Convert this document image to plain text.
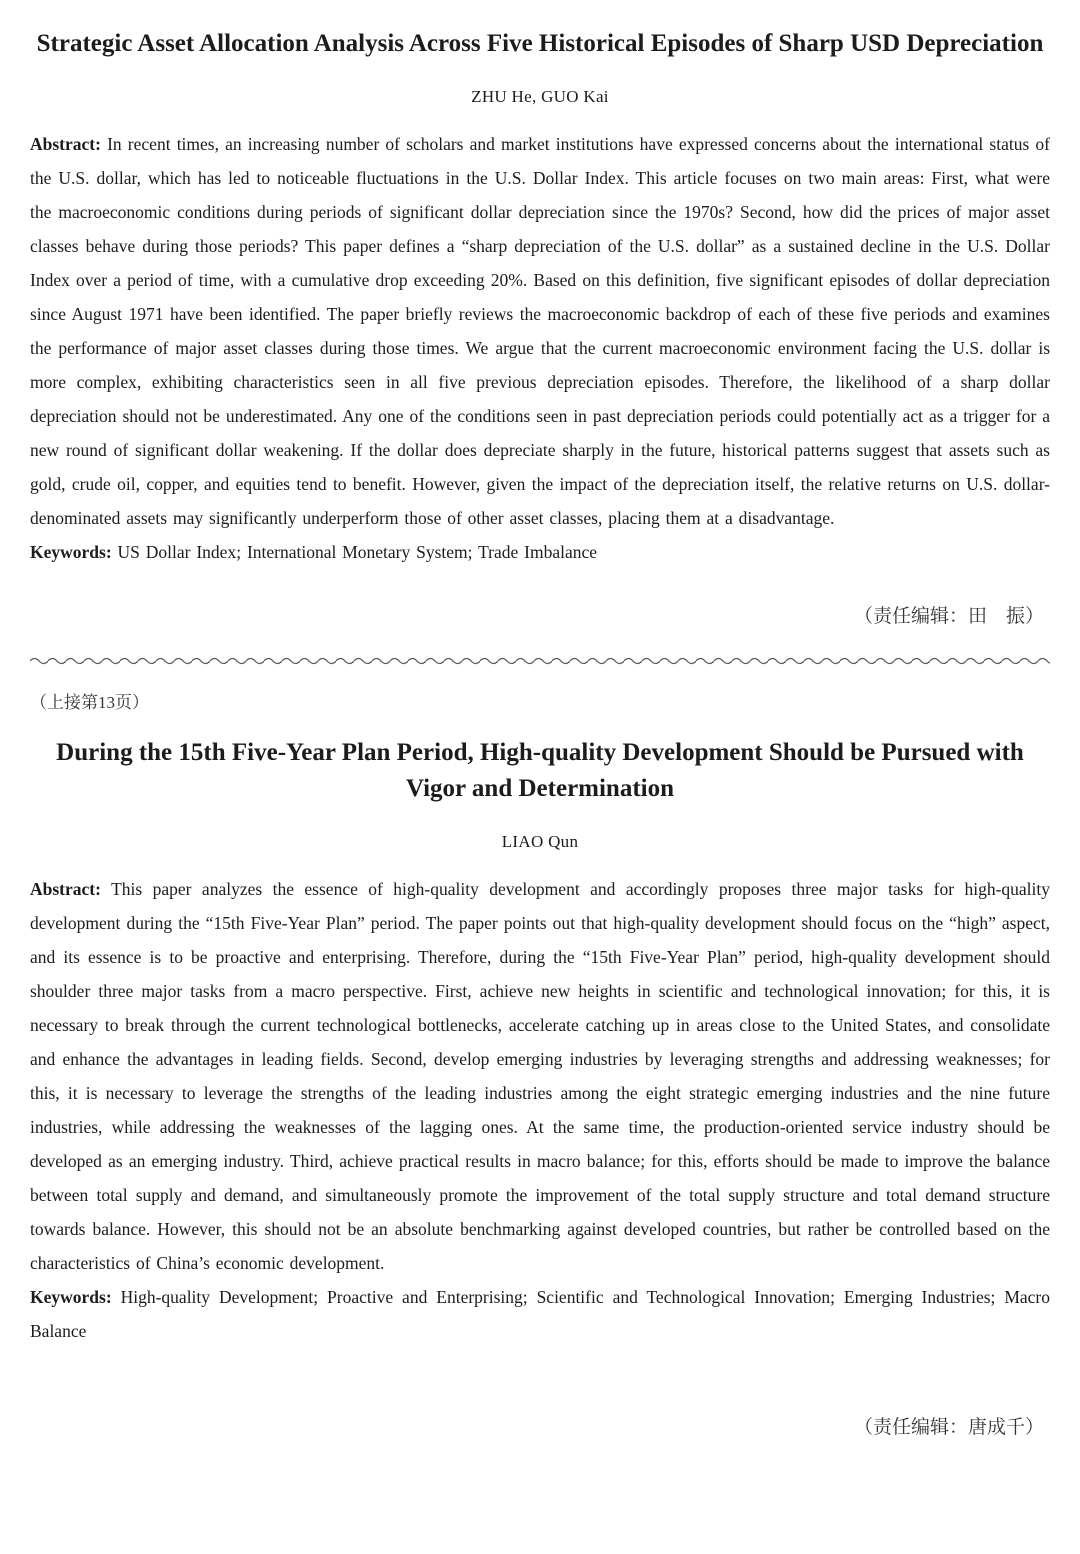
Strategic Asset Allocation Analysis Across Five Historical Episodes of Sharp USD Depreciation
ZHU He, GUO Kai

Abstract: In recent times, an increasing number of scholars and market institutions have expressed concerns about the international status of the U.S. dollar, which has led to noticeable fluctuations in the U.S. Dollar Index. This article focuses on two main areas: First, what were the macroeconomic conditions during periods of significant dollar depreciation since the 1970s? Second, how did the prices of major asset classes behave during those periods? This paper defines a “sharp depreciation of the U.S. dollar” as a sustained decline in the U.S. Dollar Index over a period of time, with a cumulative drop exceeding 20%. Based on this definition, five significant episodes of dollar depreciation since August 1971 have been identified. The paper briefly reviews the macroeconomic backdrop of each of these five periods and examines the performance of major asset classes during those times. We argue that the current macroeconomic environment facing the U.S. dollar is more complex, exhibiting characteristics seen in all five previous depreciation episodes. Therefore, the likelihood of a sharp dollar depreciation should not be underestimated. Any one of the conditions seen in past depreciation periods could potentially act as a trigger for a new round of significant dollar weakening. If the dollar does depreciate sharply in the future, historical patterns suggest that assets such as gold, crude oil, copper, and equities tend to benefit. However, given the impact of the depreciation itself, the relative returns on U.S. dollar-denominated assets may significantly underperform those of other asset classes, placing them at a disadvantage.

Keywords: US Dollar Index; International Monetary System; Trade Imbalance

（责任编辑：田　振）
（上接第13页）
During the 15th Five-Year Plan Period, High-quality Development Should be Pursued with Vigor and Determination
LIAO Qun

Abstract: This paper analyzes the essence of high-quality development and accordingly proposes three major tasks for high-quality development during the “15th Five-Year Plan” period. The paper points out that high-quality development should focus on the “high” aspect, and its essence is to be proactive and enterprising. Therefore, during the “15th Five-Year Plan” period, high-quality development should shoulder three major tasks from a macro perspective. First, achieve new heights in scientific and technological innovation; for this, it is necessary to break through the current technological bottlenecks, accelerate catching up in areas close to the United States, and consolidate and enhance the advantages in leading fields. Second, develop emerging industries by leveraging strengths and addressing weaknesses; for this, it is necessary to leverage the strengths of the leading industries among the eight strategic emerging industries and the nine future industries, while addressing the weaknesses of the lagging ones. At the same time, the production-oriented service industry should be developed as an emerging industry. Third, achieve practical results in macro balance; for this, efforts should be made to improve the balance between total supply and demand, and simultaneously promote the improvement of the total supply structure and total demand structure towards balance. However, this should not be an absolute benchmarking against developed countries, but rather be controlled based on the characteristics of China’s economic development.

Keywords: High-quality Development; Proactive and Enterprising; Scientific and Technological Innovation; Emerging Industries; Macro Balance

（责任编辑：唐成千）
